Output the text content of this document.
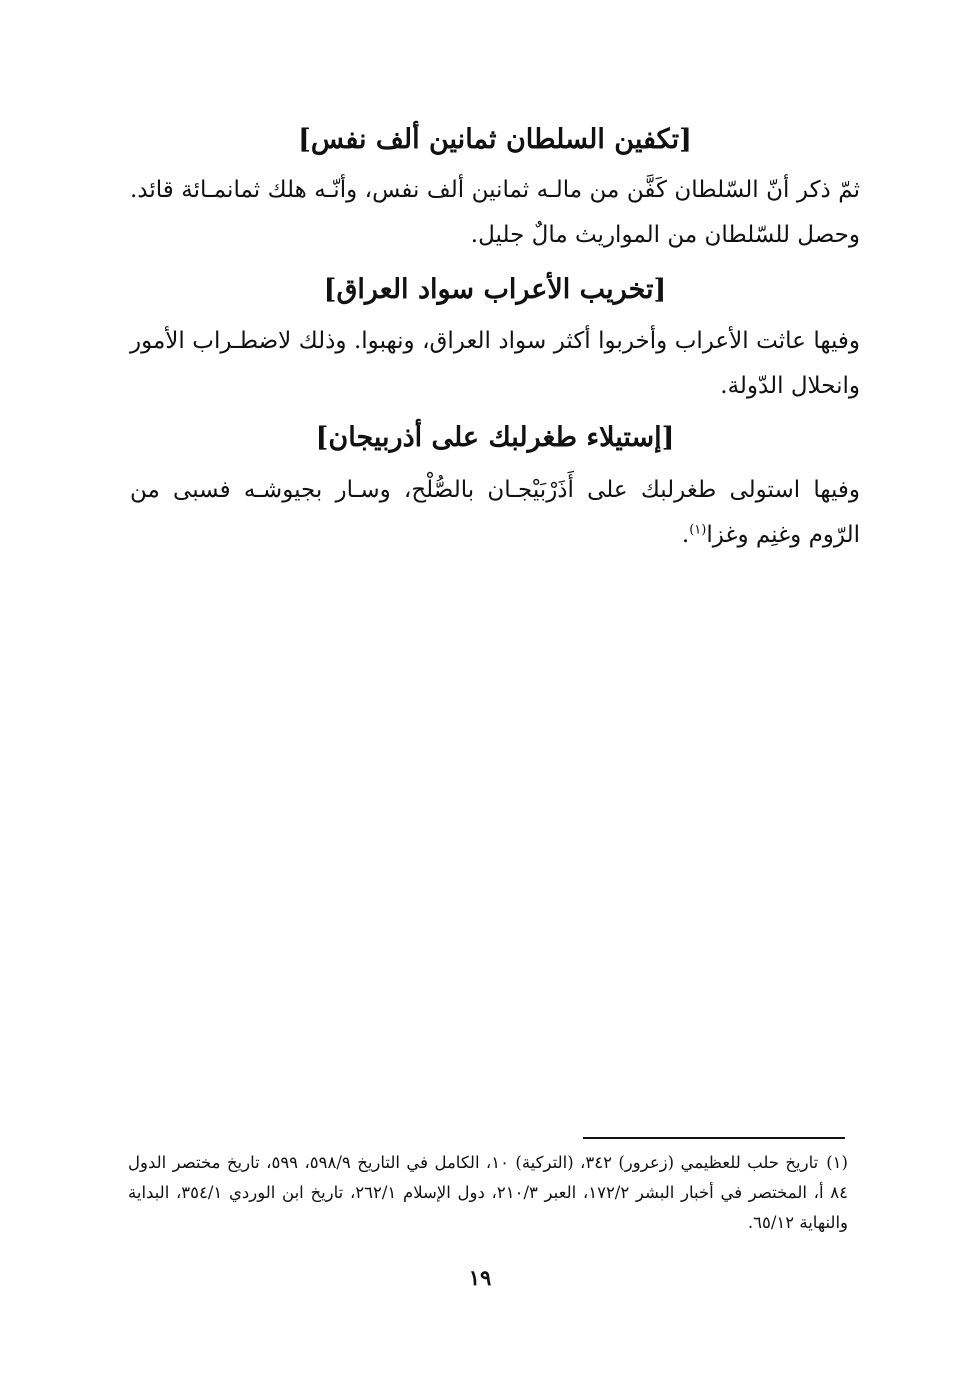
[تكفين السلطان ثمانين ألف نفس]

ثمّ ذكر أنّ السّلطان كَفَّن من مالـه ثمانين ألف نفس، وأنّـه هلك ثمانمـائة قائد. وحصل للسّلطان من المواريث مالٌ جليل.

[تخريب الأعراب سواد العراق]

وفيها عاثت الأعراب وأخربوا أكثر سواد العراق، ونهبوا. وذلك لاضطـراب الأمور وانحلال الدّولة.

[إستيلاء طغرلبك على أذربيجان]

وفيها استولى طغرلبك على أَذَرْبَيْجـان بالصُّلْح، وسـار بجيوشـه فسبى من الرّوم وغنِم وغزا$^{(١)}$.

(١)تاريخ حلب للعظيمي (زعرور) ٣٤٢، (التركية) ١٠، الكامل في التاريخ ٥٩٨/٩، ٥٩٩، تاريخ مختصر الدول ٨٤ أ، المختصر في أخبار البشر ١٧٢/٢، العبر ٢١٠/٣، دول الإسلام ٢٦٢/١، تاريخ ابن الوردي ٣٥٤/١، البداية والنهاية ٦٥/١٢.
١٩
